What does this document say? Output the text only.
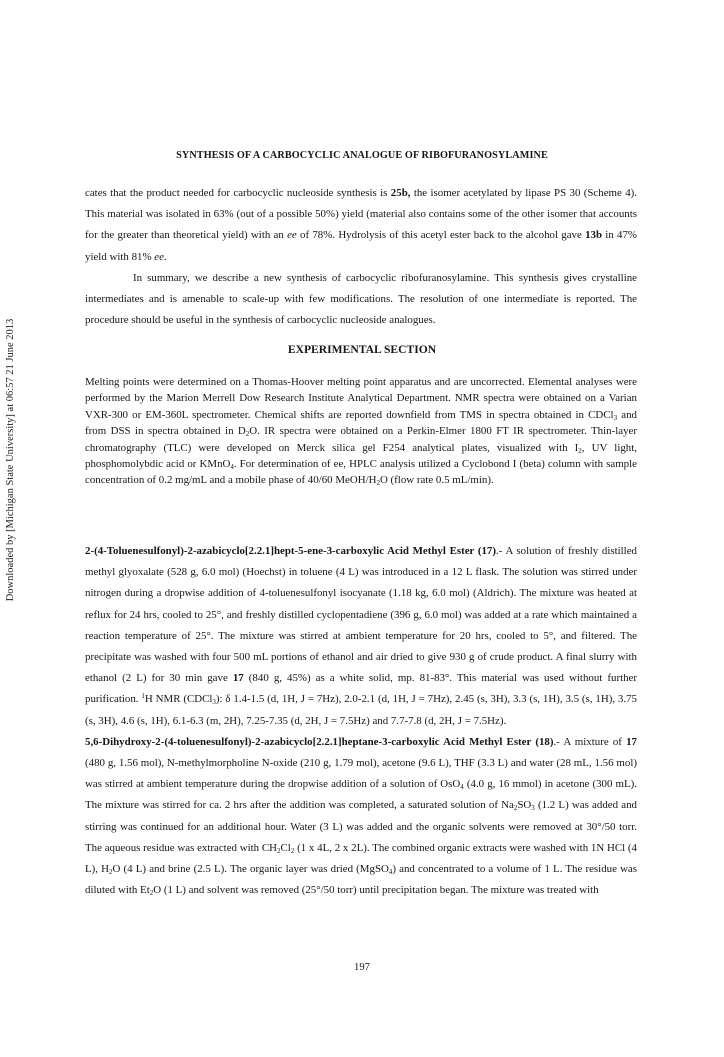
SYNTHESIS OF A CARBOCYCLIC ANALOGUE OF RIBOFURANOSYLAMINE
Downloaded by [Michigan State University] at 06:57 21 June 2013

cates that the product needed for carbocyclic nucleoside synthesis is 25b, the isomer acetylated by lipase PS 30 (Scheme 4). This material was isolated in 63% (out of a possible 50%) yield (material also contains some of the other isomer that accounts for the greater than theoretical yield) with an ee of 78%. Hydrolysis of this acetyl ester back to the alcohol gave 13b in 47% yield with 81% ee.

In summary, we describe a new synthesis of carbocyclic ribofuranosylamine. This synthesis gives crystalline intermediates and is amenable to scale-up with few modifications. The resolution of one intermediate is reported. The procedure should be useful in the synthesis of carbocyclic nucleoside analogues.

EXPERIMENTAL SECTION

Melting points were determined on a Thomas-Hoover melting point apparatus and are uncorrected. Elemental analyses were performed by the Marion Merrell Dow Research Institute Analytical Department. NMR spectra were obtained on a Varian VXR-300 or EM-360L spectrometer. Chemical shifts are reported downfield from TMS in spectra obtained in CDCl$_3$ and from DSS in spectra obtained in $D_2O$. IR spectra were obtained on a Perkin-Elmer 1800 FT IR spectrometer. Thin-layer chromatography (TLC) were developed on Merck silica gel F254 analytical plates, visualized with $I_2$, UV light, phosphomolybdic acid or KMnO$_4$. For determination of ee, HPLC analysis utilized a Cyclobond I (beta) column with sample concentration of 0.2 mg/mL and a mobile phase of 40/60 MeOH/$H_2O$ (flow rate 0.5 mL/min).

2-(4-Toluenesulfonyl)-2-azabicyclo[2.2.1]hept-5-ene-3-carboxylic Acid Methyl Ester (17).- A solution of freshly distilled methyl glyoxalate (528 g, 6.0 mol) (Hoechst) in toluene (4 L) was introduced in a 12 L flask. The solution was stirred under nitrogen during a dropwise addition of 4-toluenesulfonyl isocyanate (1.18 kg, 6.0 mol) (Aldrich). The mixture was heated at reflux for 24 hrs, cooled to 25°, and freshly distilled cyclopentadiene (396 g, 6.0 mol) was added at a rate which maintained a reaction temperature of 25°. The mixture was stirred at ambient temperature for 20 hrs, cooled to 5°, and filtered. The precipitate was washed with four 500 mL portions of ethanol and air dried to give 930 g of crude product. A final slurry with ethanol (2 L) for 30 min gave 17 (840 g, 45%) as a white solid, mp. 81-83°. This material was used without further purification. $^1$H NMR (CDCl$_3$): δ 1.4-1.5 (d, 1H, J = 7Hz), 2.0-2.1 (d, 1H, J = 7Hz), 2.45 (s, 3H), 3.3 (s, 1H), 3.5 (s, 1H), 3.75 (s, 3H), 4.6 (s, 1H), 6.1-6.3 (m, 2H), 7.25-7.35 (d, 2H, J = 7.5Hz) and 7.7-7.8 (d, 2H, J = 7.5Hz).

5,6-Dihydroxy-2-(4-toluenesulfonyl)-2-azabicyclo[2.2.1]heptane-3-carboxylic Acid Methyl Ester (18).- A mixture of 17 (480 g, 1.56 mol), N-methylmorpholine N-oxide (210 g, 1.79 mol), acetone (9.6 L), THF (3.3 L) and water (28 mL, 1.56 mol) was stirred at ambient temperature during the dropwise addition of a solution of OsO$_4$ (4.0 g, 16 mmol) in acetone (300 mL). The mixture was stirred for ca. 2 hrs after the addition was completed, a saturated solution of $Na_2SO_3$ (1.2 L) was added and stirring was continued for an additional hour. Water (3 L) was added and the organic solvents were removed at 30°/50 torr. The aqueous residue was extracted with $CH_2Cl_2$ (1 x 4L, 2 x 2L). The combined organic extracts were washed with 1N HCl (4 L), $H_2O$ (4 L) and brine (2.5 L). The organic layer was dried (MgSO$_4$) and concentrated to a volume of 1 L. The residue was diluted with $Et_2O$ (1 L) and solvent was removed (25°/50 torr) until precipitation began. The mixture was treated with

197
